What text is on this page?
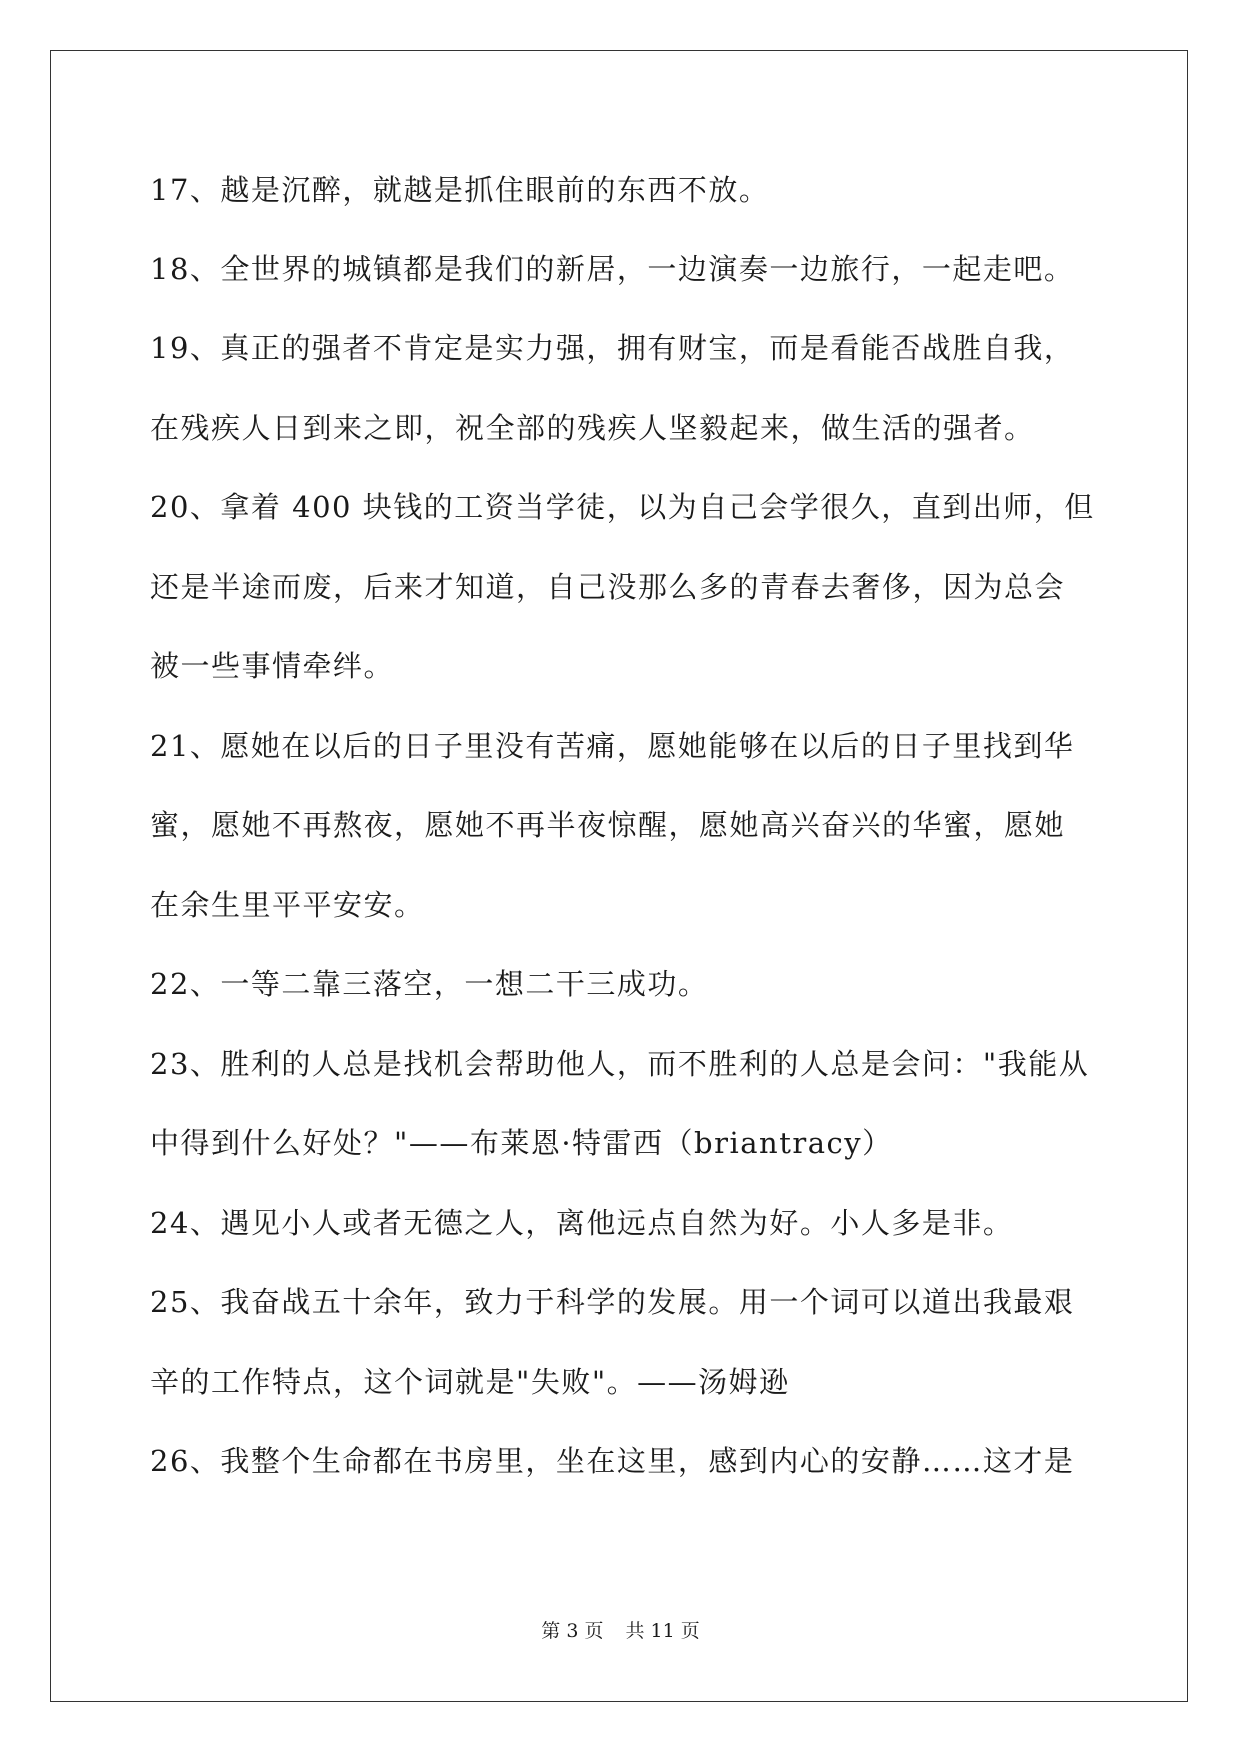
17、越是沉醉，就越是抓住眼前的东西不放。
18、全世界的城镇都是我们的新居，一边演奏一边旅行，一起走吧。
19、真正的强者不肯定是实力强，拥有财宝，而是看能否战胜自我，
在残疾人日到来之即，祝全部的残疾人坚毅起来，做生活的强者。
20、拿着 400 块钱的工资当学徒，以为自己会学很久，直到出师，但
还是半途而废，后来才知道，自己没那么多的青春去奢侈，因为总会
被一些事情牵绊。
21、愿她在以后的日子里没有苦痛，愿她能够在以后的日子里找到华
蜜，愿她不再熬夜，愿她不再半夜惊醒，愿她高兴奋兴的华蜜，愿她
在余生里平平安安。
22、一等二靠三落空，一想二干三成功。
23、胜利的人总是找机会帮助他人，而不胜利的人总是会问："我能从
中得到什么好处？"——布莱恩·特雷西（briantracy）
24、遇见小人或者无德之人，离他远点自然为好。小人多是非。
25、我奋战五十余年，致力于科学的发展。用一个词可以道出我最艰
辛的工作特点，这个词就是"失败"。——汤姆逊
26、我整个生命都在书房里，坐在这里，感到内心的安静……这才是
第 3 页 共 11 页
